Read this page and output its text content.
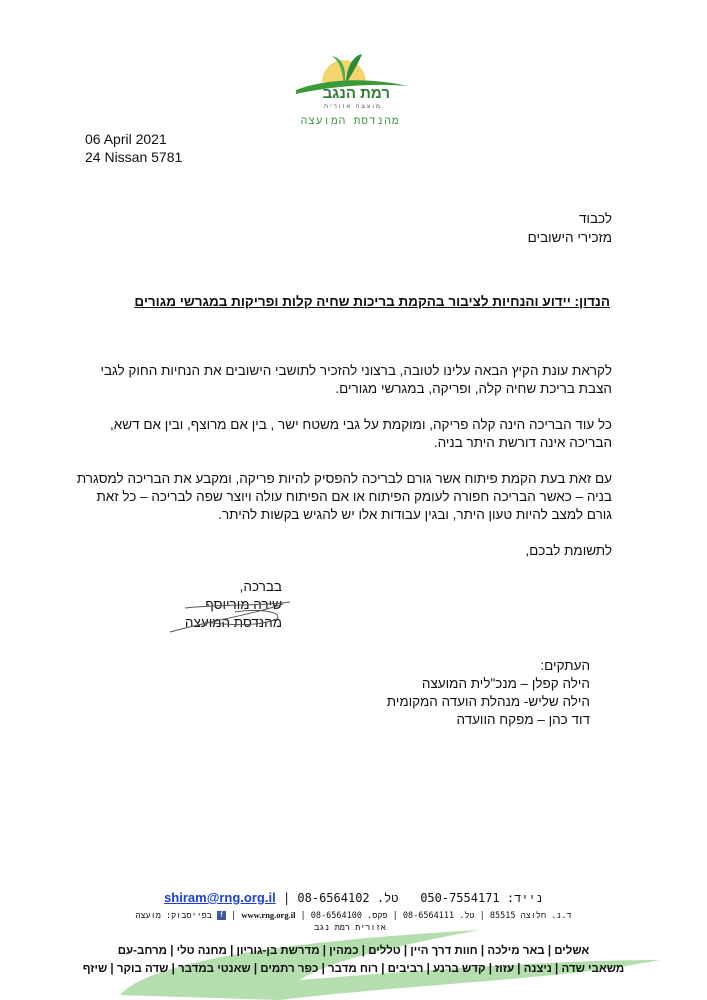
רמת הנגב
מועצה אזורית
מהנדסת המועצה
06 April 2021
24 Nissan 5781
לכבוד
מזכירי הישובים
הנדון: יידוע והנחיות לציבור בהקמת בריכות שחיה קלות ופריקות במגרשי מגורים
לקראת עונת הקיץ הבאה עלינו לטובה, ברצוני להזכיר לתושבי הישובים את הנחיות החוק לגבי
הצבת בריכת שחיה קלה, ופריקה, במגרשי מגורים.
כל עוד הבריכה הינה קלה פריקה, ומוקמת על גבי משטח ישר , בין אם מרוצף, ובין אם דשא,
הבריכה אינה דורשת היתר בניה.
עם זאת בעת הקמת פיתוח אשר גורם לבריכה להפסיק להיות פריקה, ומקבע את הבריכה למסגרת
בניה – כאשר הבריכה חפורה לעומק הפיתוח או אם הפיתוח עולה ויוצר שפה לבריכה – כל זאת
גורם למצב להיות טעון היתר, ובגין עבודות אלו יש להגיש בקשות להיתר.
לתשומת לבכם,
בברכה,
שירה מוריוסף
מהנדסת המועצה
העתקים:
הילה קפלן – מנכ"לית המועצה
הילה שליש- מנהלת הועדה המקומית
דוד כהן – מפקח הוועדה
shiram@rng.org.il | טל. 08-6564102 נייד: 050-7554171
בפייסבוק: מועצה f | www.rng.org.il | פקס. 08-6564100 | טל. 08-6564111 | ד.נ. חלוצה 85515
אזורית רמת נגב
אשלים | באר מילכה | חוות דרך היין | טללים | כמהין | מדרשת בן-גוריון | מחנה טלי | מרחב-עם
משאבי שדה | ניצנה | עזוז | קדש ברנע | רביבים | רוח מדבר | כפר רתמים | שאנטי במדבר | שדה בוקר | שיזף
